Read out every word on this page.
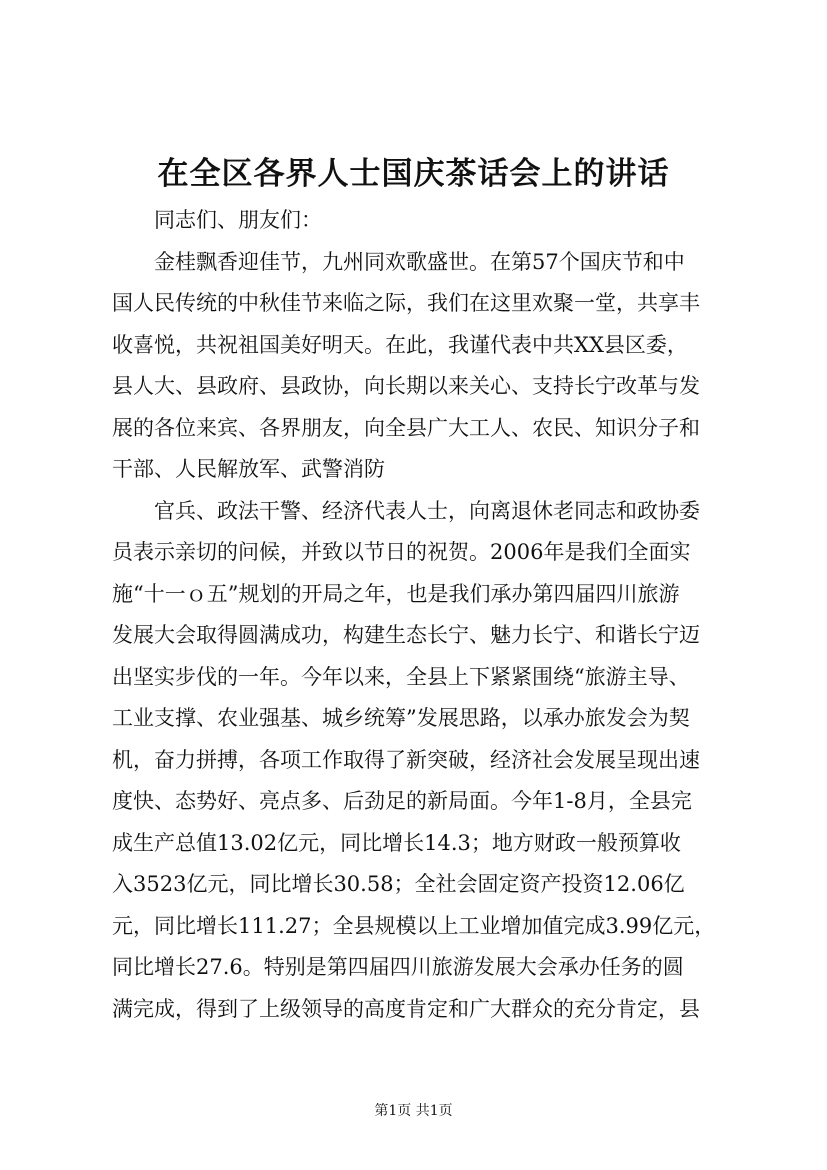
在全区各界人士国庆茶话会上的讲话
同志们、朋友们：
金桂飘香迎佳节，九州同欢歌盛世。在第57个国庆节和中
国人民传统的中秋佳节来临之际，我们在这里欢聚一堂，共享丰
收喜悦，共祝祖国美好明天。在此，我谨代表中共XX县区委，
县人大、县政府、县政协，向长期以来关心、支持长宁改革与发
展的各位来宾、各界朋友，向全县广大工人、农民、知识分子和
干部、人民解放军、武警消防
官兵、政法干警、经济代表人士，向离退休老同志和政协委
员表示亲切的问候，并致以节日的祝贺。2006年是我们全面实
施“十一ｏ五”规划的开局之年，也是我们承办第四届四川旅游
发展大会取得圆满成功，构建生态长宁、魅力长宁、和谐长宁迈
出坚实步伐的一年。今年以来，全县上下紧紧围绕“旅游主导、
工业支撑、农业强基、城乡统筹”发展思路，以承办旅发会为契
机，奋力拼搏，各项工作取得了新突破，经济社会发展呈现出速
度快、态势好、亮点多、后劲足的新局面。今年1-8月，全县完
成生产总值13.02亿元，同比增长14.3；地方财政一般预算收
入3523亿元，同比增长30.58；全社会固定资产投资12.06亿
元，同比增长111.27；全县规模以上工业增加值完成3.99亿元，
同比增长27.6。特别是第四届四川旅游发展大会承办任务的圆
满完成，得到了上级领导的高度肯定和广大群众的充分肯定，县
第1页 共1页
